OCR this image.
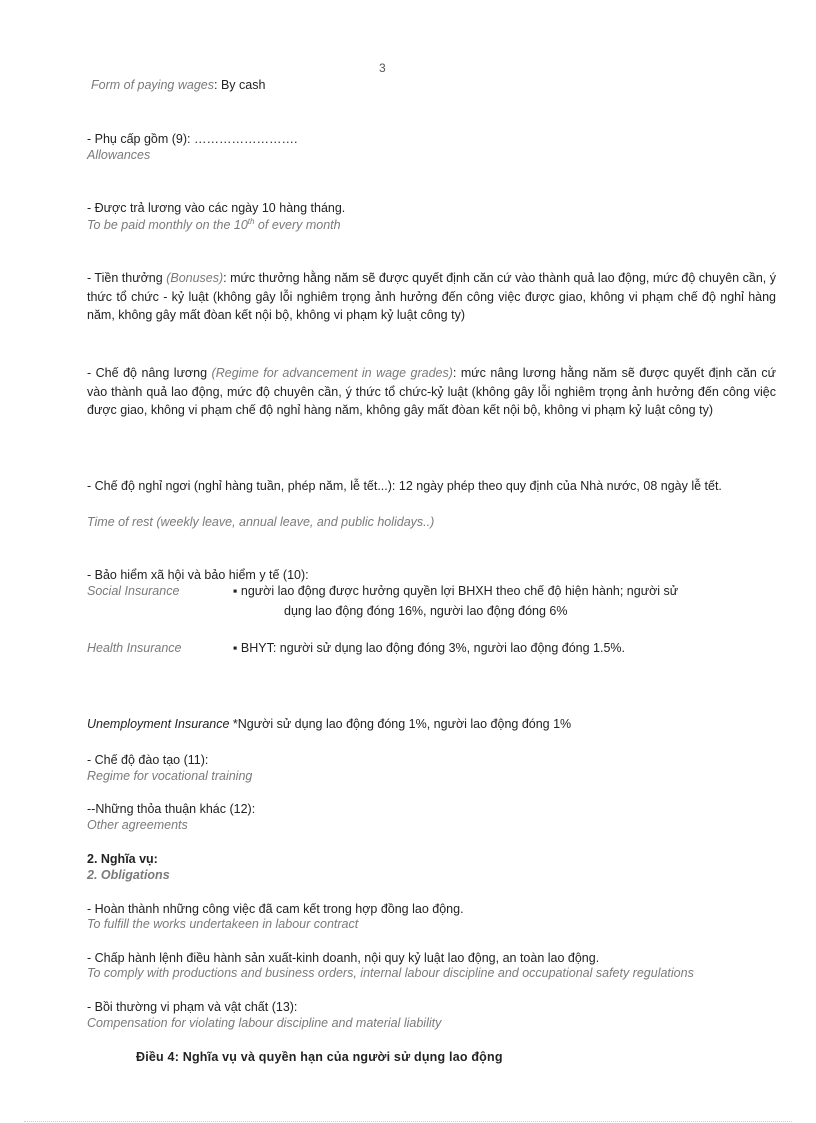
3
Form of paying wages: By cash
- Phụ cấp gồm (9): …………………….
Allowances
- Được trả lương vào các ngày 10 hàng tháng.
To be paid monthly on the 10th of every month
- Tiền thưởng (Bonuses): mức thưởng hằng năm sẽ được quyết định căn cứ vào thành quả lao động, mức độ chuyên cần, ý thức tổ chức - kỷ luật (không gây lỗi nghiêm trọng ảnh hưởng đến công việc được giao, không vi phạm chế độ nghỉ hàng năm, không gây mất đòan kết nội bộ, không vi phạm kỷ luật công ty)
- Chế độ nâng lương (Regime for advancement in wage grades): mức nâng lương hằng năm sẽ được quyết định căn cứ vào thành quả lao động, mức độ chuyên cần, ý thức tổ chức-kỷ luật (không gây lỗi nghiêm trọng ảnh hưởng đến công việc được giao, không vi phạm chế độ nghỉ hàng năm, không gây mất đòan kết nội bộ, không vi phạm kỷ luật công ty)
- Chế độ nghỉ ngơi (nghỉ hàng tuần, phép năm, lễ tết...): 12 ngày phép theo quy định của Nhà nước, 08 ngày lễ tết.
Time of rest (weekly leave, annual leave, and public holidays..)
- Bảo hiểm xã hội và bảo hiểm y tế (10):
Social Insurance	▪ người lao động được hưởng quyền lợi BHXH theo chế độ hiện hành; người sử
dụng lao động đóng 16%, người lao động đóng 6%
Health Insurance	▪ BHYT: người sử dụng lao động đóng 3%, người lao động đóng 1.5%.
Unemployment Insurance *Người sử dụng lao động đóng 1%, người lao động đóng 1%
- Chế độ đào tạo (11):
Regime for vocational training
--Những thỏa thuận khác (12):
Other agreements
2. Nghĩa vụ:
2. Obligations
- Hoàn thành những công việc đã cam kết trong hợp đồng lao động.
To fulfill the works undertakeen in labour contract
- Chấp hành lệnh điều hành sản xuất-kinh doanh, nội quy kỷ luật lao động, an toàn lao động.
To comply with productions and business orders, internal labour discipline and occupational safety regulations
- Bồi thường vi phạm và vật chất (13):
Compensation for violating labour discipline and material liability
Điều 4: Nghĩa vụ và quyền hạn của người sử dụng lao động
